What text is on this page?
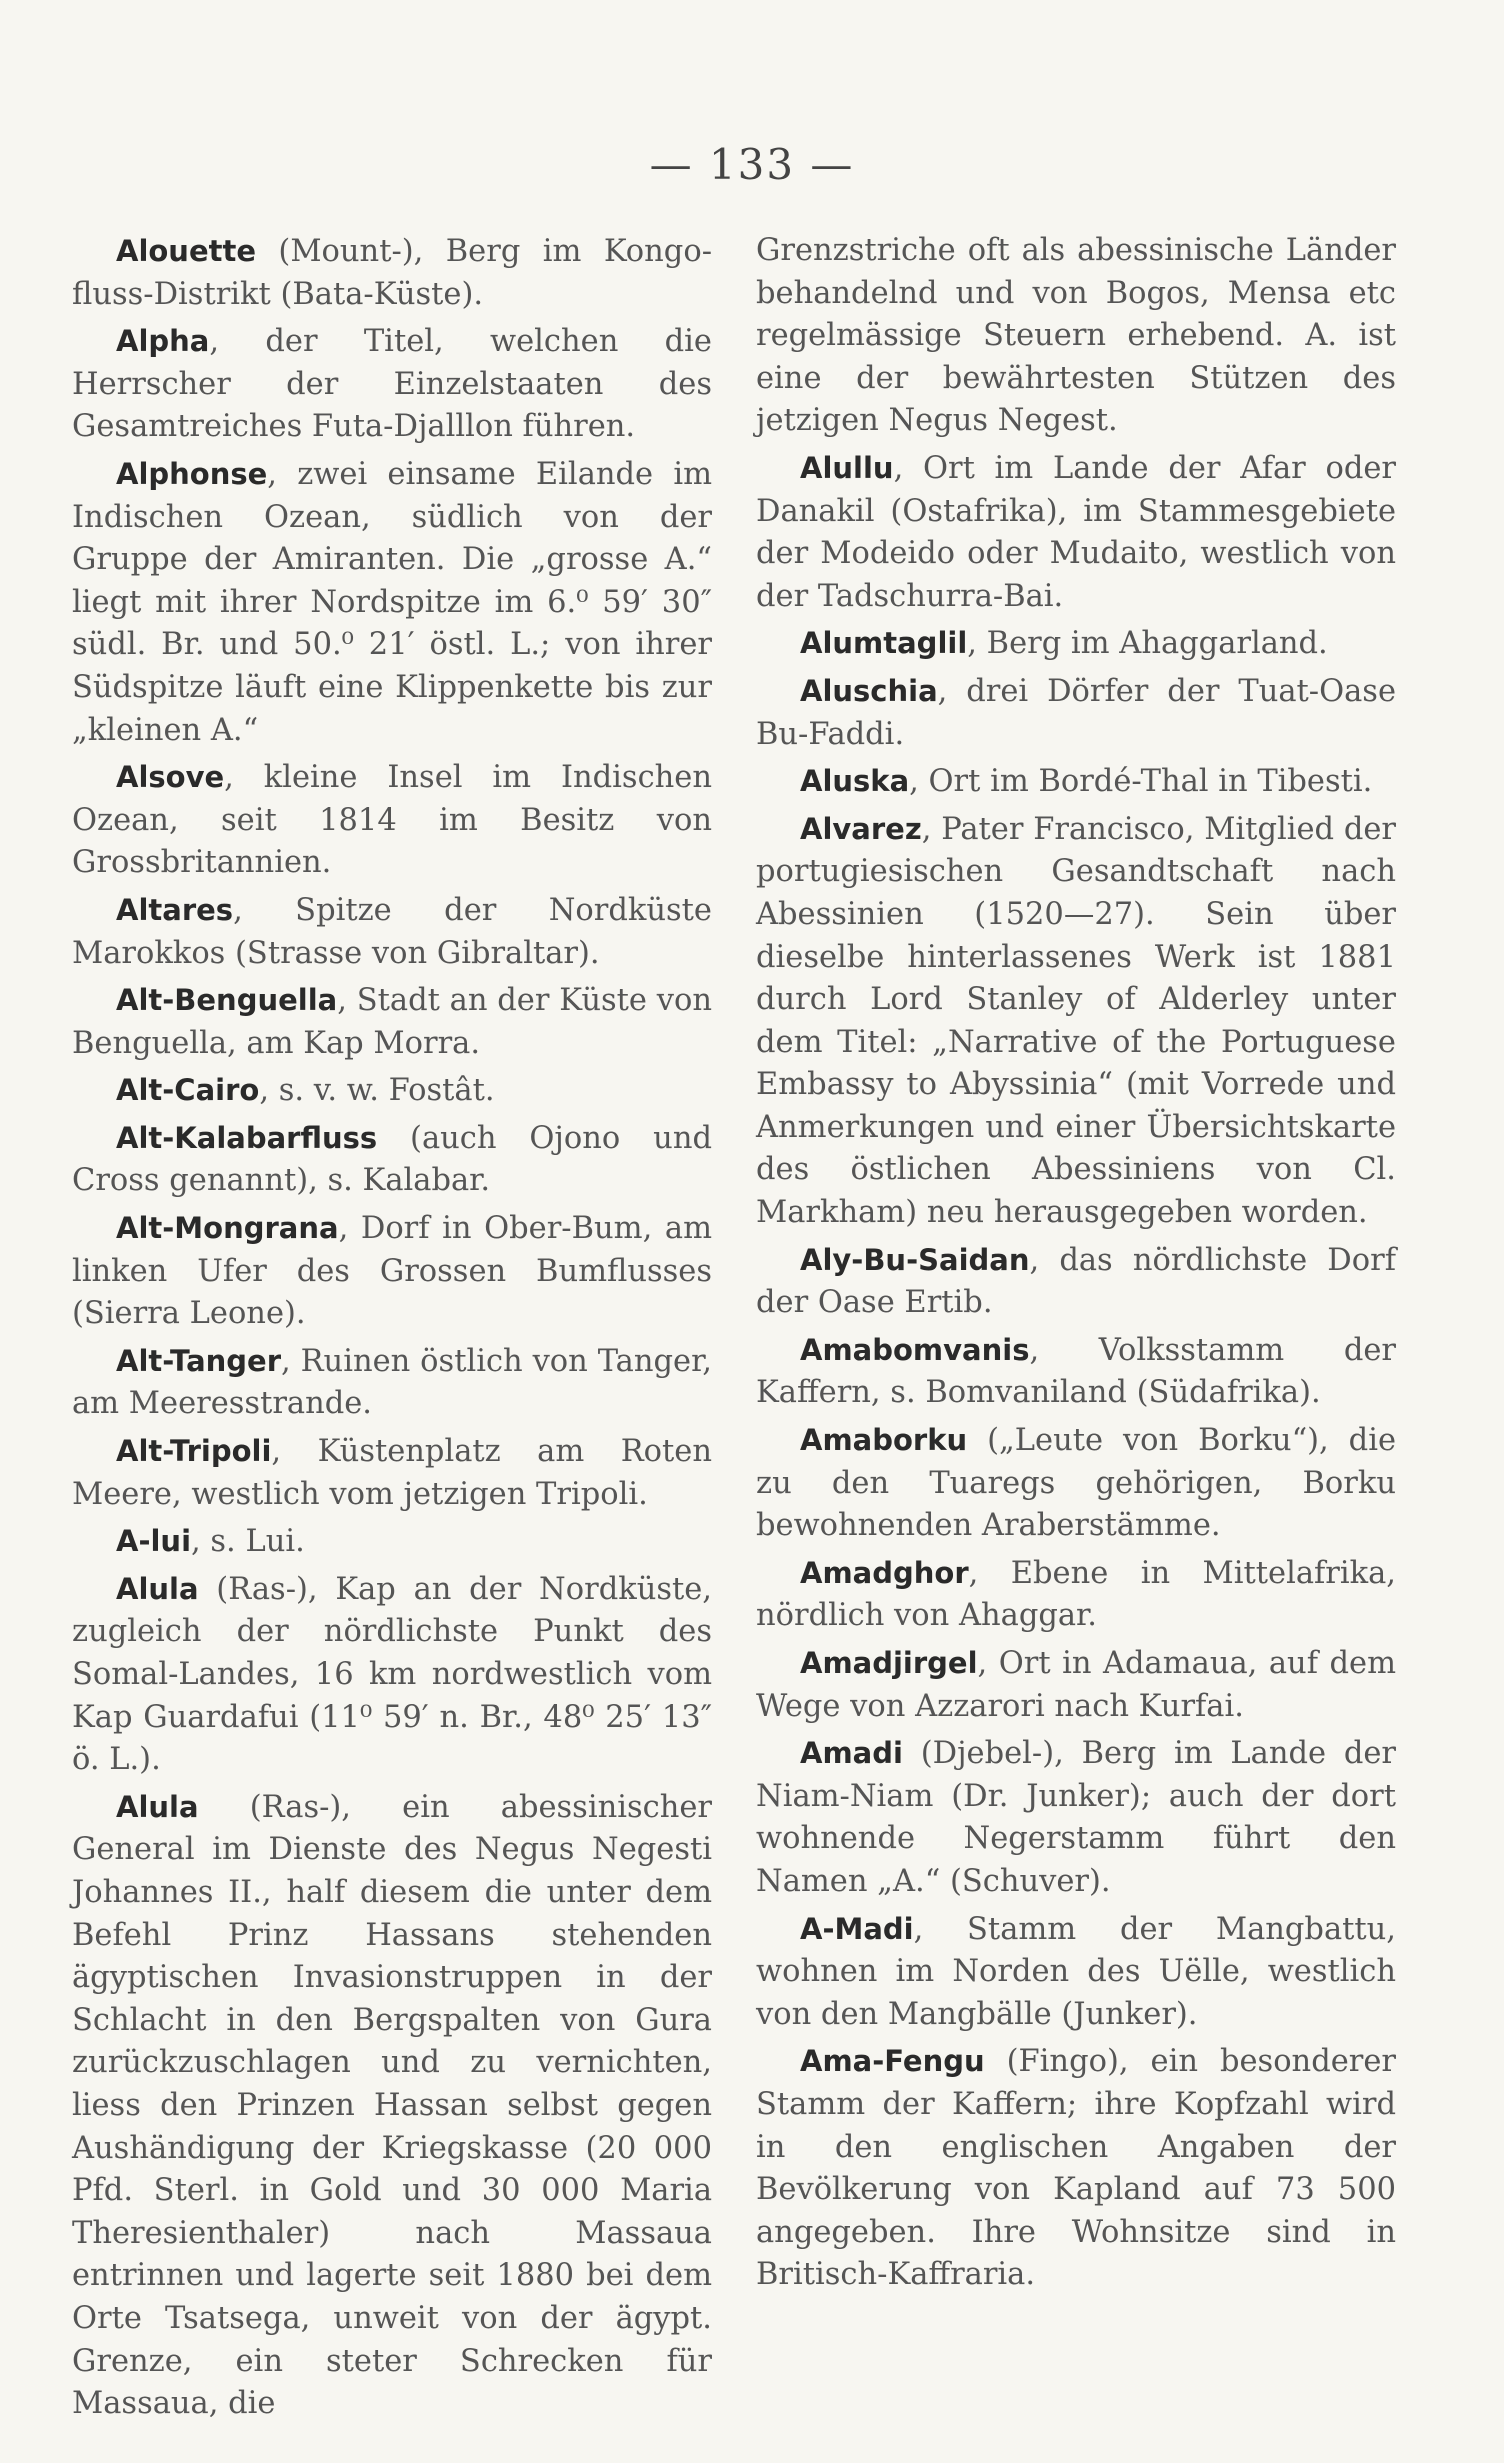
— 133 —

Alouette (Mount-), Berg im Kongo-fluss-Distrikt (Bata-Küste).

Alpha, der Titel, welchen die Herrscher der Einzelstaaten des Gesamtreiches Futa-Djalllon führen.

Alphonse, zwei einsame Eilande im Indischen Ozean, südlich von der Gruppe der Amiranten. Die „grosse A.“ liegt mit ihrer Nordspitze im 6.⁰ 59′ 30″ südl. Br. und 50.⁰ 21′ östl. L.; von ihrer Südspitze läuft eine Klippenkette bis zur „kleinen A.“

Alsove, kleine Insel im Indischen Ozean, seit 1814 im Besitz von Grossbritannien.

Altares, Spitze der Nordküste Marokkos (Strasse von Gibraltar).

Alt-Benguella, Stadt an der Küste von Benguella, am Kap Morra.

Alt-Cairo, s. v. w. Fostât.

Alt-Kalabarfluss (auch Ojono und Cross genannt), s. Kalabar.

Alt-Mongrana, Dorf in Ober-Bum, am linken Ufer des Grossen Bumflusses (Sierra Leone).

Alt-Tanger, Ruinen östlich von Tanger, am Meeresstrande.

Alt-Tripoli, Küstenplatz am Roten Meere, westlich vom jetzigen Tripoli.

A-lui, s. Lui.

Alula (Ras-), Kap an der Nordküste, zugleich der nördlichste Punkt des Somal-Landes, 16 km nordwestlich vom Kap Guardafui (11⁰ 59′ n. Br., 48⁰ 25′ 13″ ö. L.).

Alula (Ras-), ein abessinischer General im Dienste des Negus Negesti Johannes II., half diesem die unter dem Befehl Prinz Hassans stehenden ägyptischen Invasionstruppen in der Schlacht in den Bergspalten von Gura zurückzuschlagen und zu vernichten, liess den Prinzen Hassan selbst gegen Aushändigung der Kriegskasse (20 000 Pfd. Sterl. in Gold und 30 000 Maria Theresienthaler) nach Massaua entrinnen und lagerte seit 1880 bei dem Orte Tsatsega, unweit von der ägypt. Grenze, ein steter Schrecken für Massaua, die

Grenzstriche oft als abessinische Länder behandelnd und von Bogos, Mensa etc regelmässige Steuern erhebend. A. ist eine der bewährtesten Stützen des jetzigen Negus Negest.

Alullu, Ort im Lande der Afar oder Danakil (Ostafrika), im Stammesgebiete der Modeido oder Mudaito, westlich von der Tadschurra-Bai.

Alumtaglil, Berg im Ahaggarland.

Aluschia, drei Dörfer der Tuat-Oase Bu-Faddi.

Aluska, Ort im Bordé-Thal in Tibesti.

Alvarez, Pater Francisco, Mitglied der portugiesischen Gesandtschaft nach Abessinien (1520—27). Sein über dieselbe hinterlassenes Werk ist 1881 durch Lord Stanley of Alderley unter dem Titel: „Narrative of the Portuguese Embassy to Abyssinia“ (mit Vorrede und Anmerkungen und einer Übersichtskarte des östlichen Abessiniens von Cl. Markham) neu herausgegeben worden.

Aly-Bu-Saidan, das nördlichste Dorf der Oase Ertib.

Amabomvanis, Volksstamm der Kaffern, s. Bomvaniland (Südafrika).

Amaborku („Leute von Borku“), die zu den Tuaregs gehörigen, Borku bewohnenden Araberstämme.

Amadghor, Ebene in Mittelafrika, nördlich von Ahaggar.

Amadjirgel, Ort in Adamaua, auf dem Wege von Azzarori nach Kurfai.

Amadi (Djebel-), Berg im Lande der Niam-Niam (Dr. Junker); auch der dort wohnende Negerstamm führt den Namen „A.“ (Schuver).

A-Madi, Stamm der Mangbattu, wohnen im Norden des Uëlle, westlich von den Mangbälle (Junker).

Ama-Fengu (Fingo), ein besonderer Stamm der Kaffern; ihre Kopfzahl wird in den englischen Angaben der Bevölkerung von Kapland auf 73 500 angegeben. Ihre Wohnsitze sind in Britisch-Kaffraria.
